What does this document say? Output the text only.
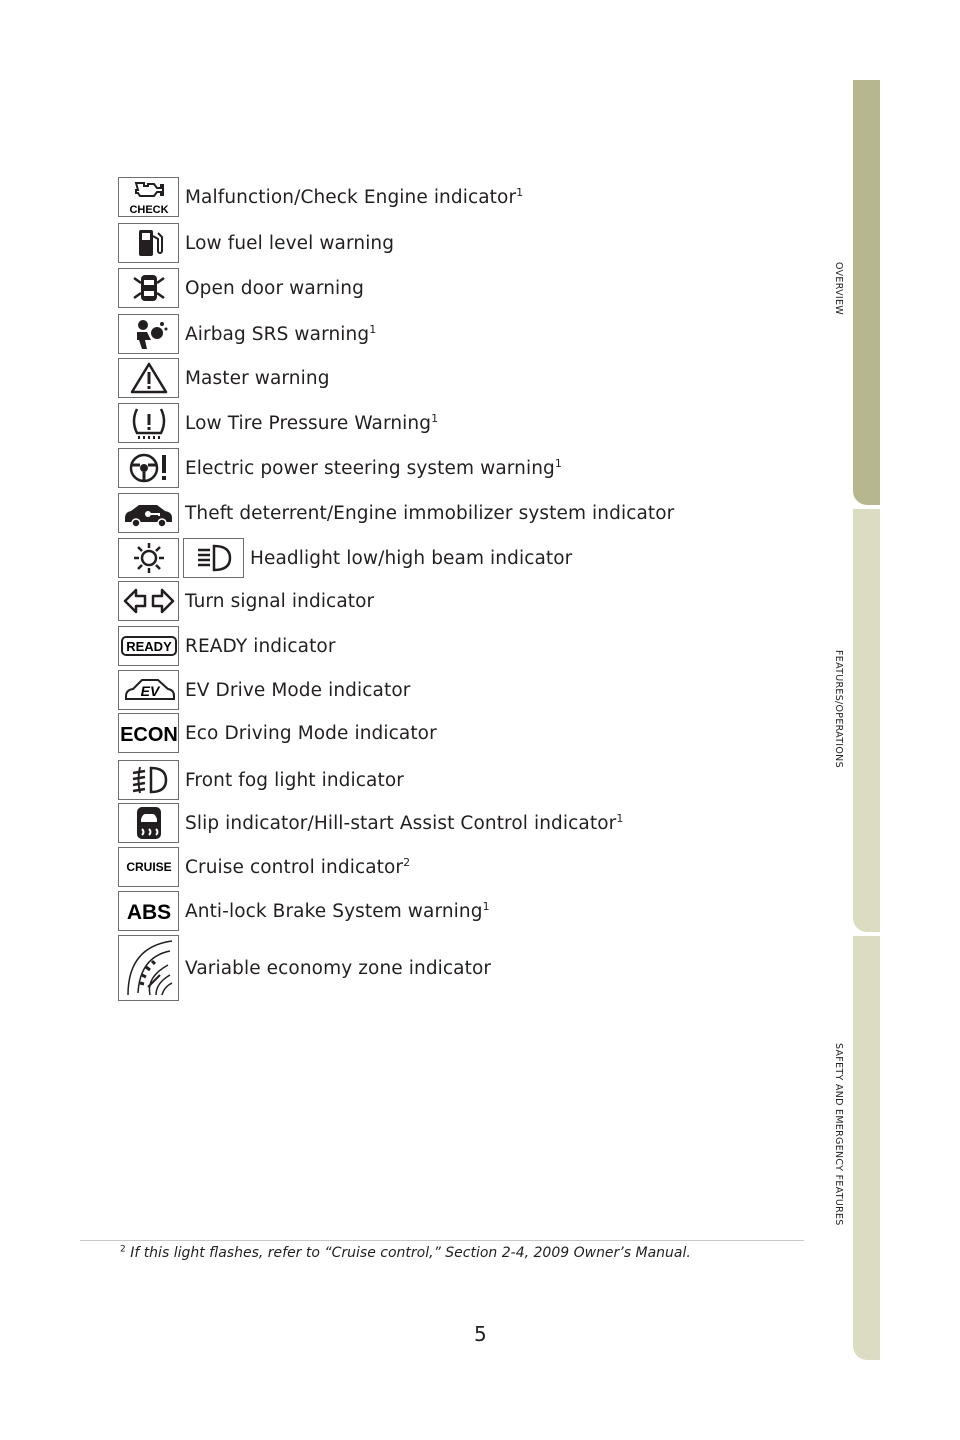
OVERVIEW
FEATURES/OPERATIONS
SAFETY AND EMERGENCY FEATURES
CHECK
Malfunction/Check Engine indicator$^1$
Low fuel level warning
Open door warning
Airbag SRS warning$^1$
Master warning
Low Tire Pressure Warning$^1$
Electric power steering system warning$^1$
Theft deterrent/Engine immobilizer system indicator
Headlight low/high beam indicator
Turn signal indicator
READY READY indicator
EV EV Drive Mode indicator
ECON Eco Driving Mode indicator
Front fog light indicator
Slip indicator/Hill-start Assist Control indicator$^1$
CRUISE Cruise control indicator$^2$
ABS Anti-lock Brake System warning$^1$
Variable economy zone indicator
$^2$ If this light flashes, refer to “Cruise control,” Section 2-4, 2009 Owner’s Manual.
5
